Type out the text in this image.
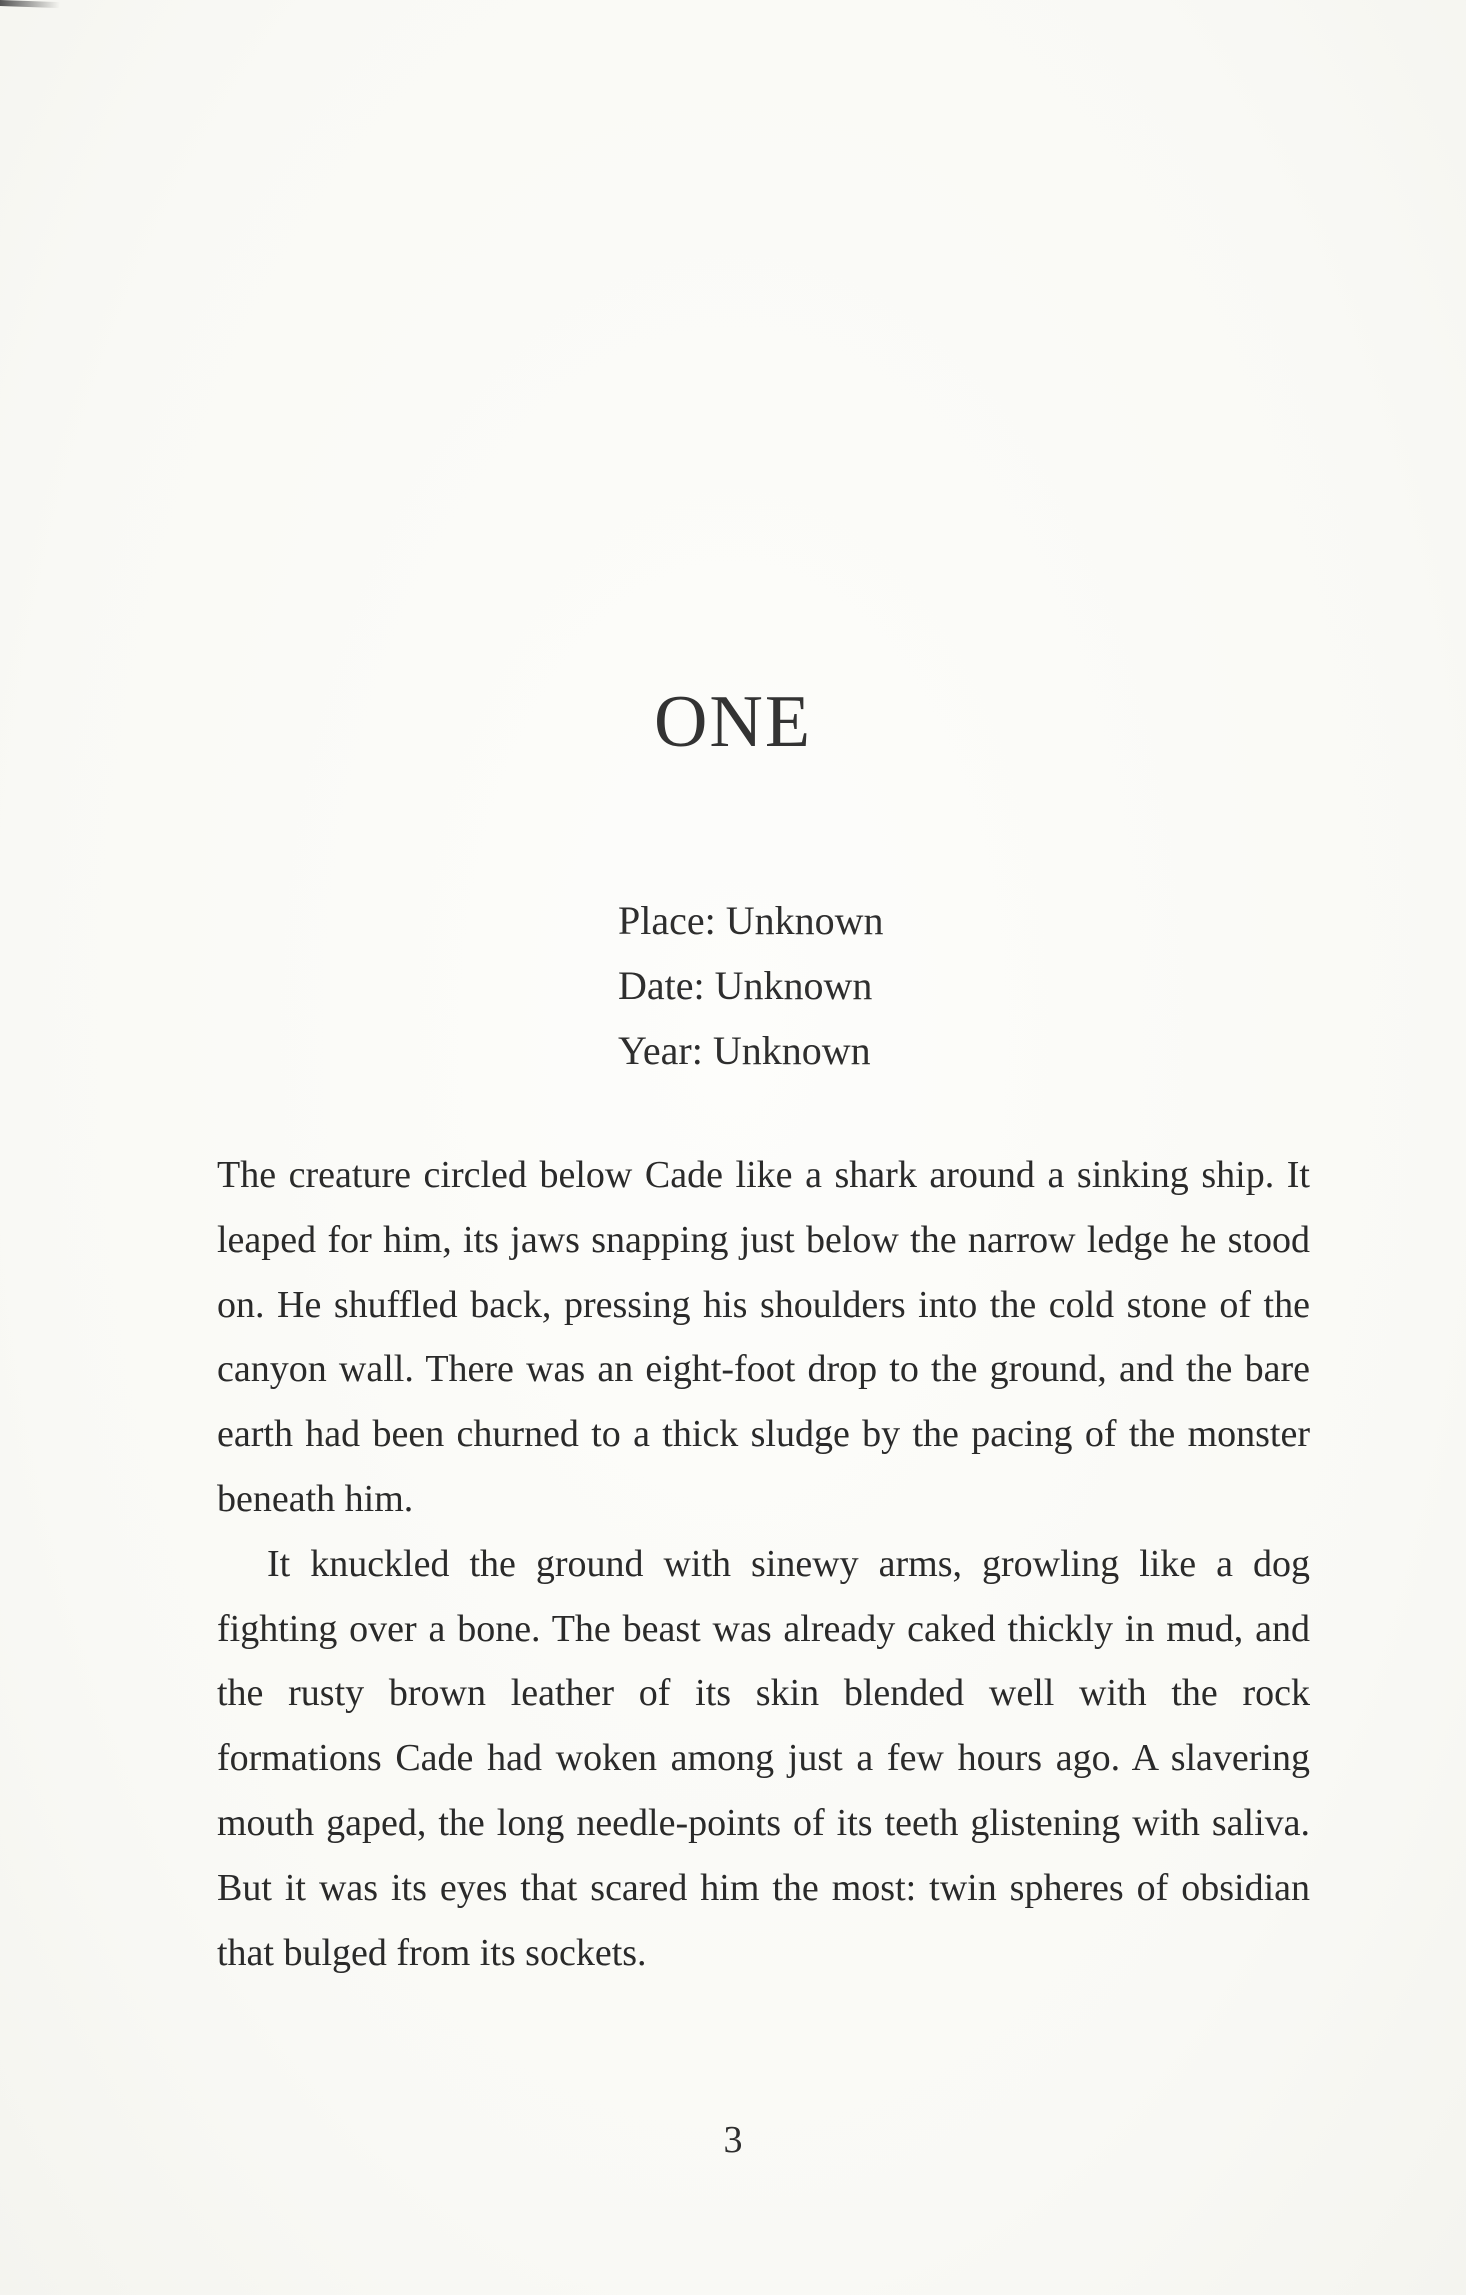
ONE
Place: Unknown
Date: Unknown
Year: Unknown

The creature circled below Cade like a shark around a sinking ship. It leaped for him, its jaws snapping just below the narrow ledge he stood on. He shuffled back, pressing his shoulders into the cold stone of the canyon wall. There was an eight-foot drop to the ground, and the bare earth had been churned to a thick sludge by the pacing of the monster beneath him.

It knuckled the ground with sinewy arms, growling like a dog fighting over a bone. The beast was already caked thickly in mud, and the rusty brown leather of its skin blended well with the rock formations Cade had woken among just a few hours ago. A slavering mouth gaped, the long needle-points of its teeth glistening with saliva. But it was its eyes that scared him the most: twin spheres of obsidian that bulged from its sockets.

3
